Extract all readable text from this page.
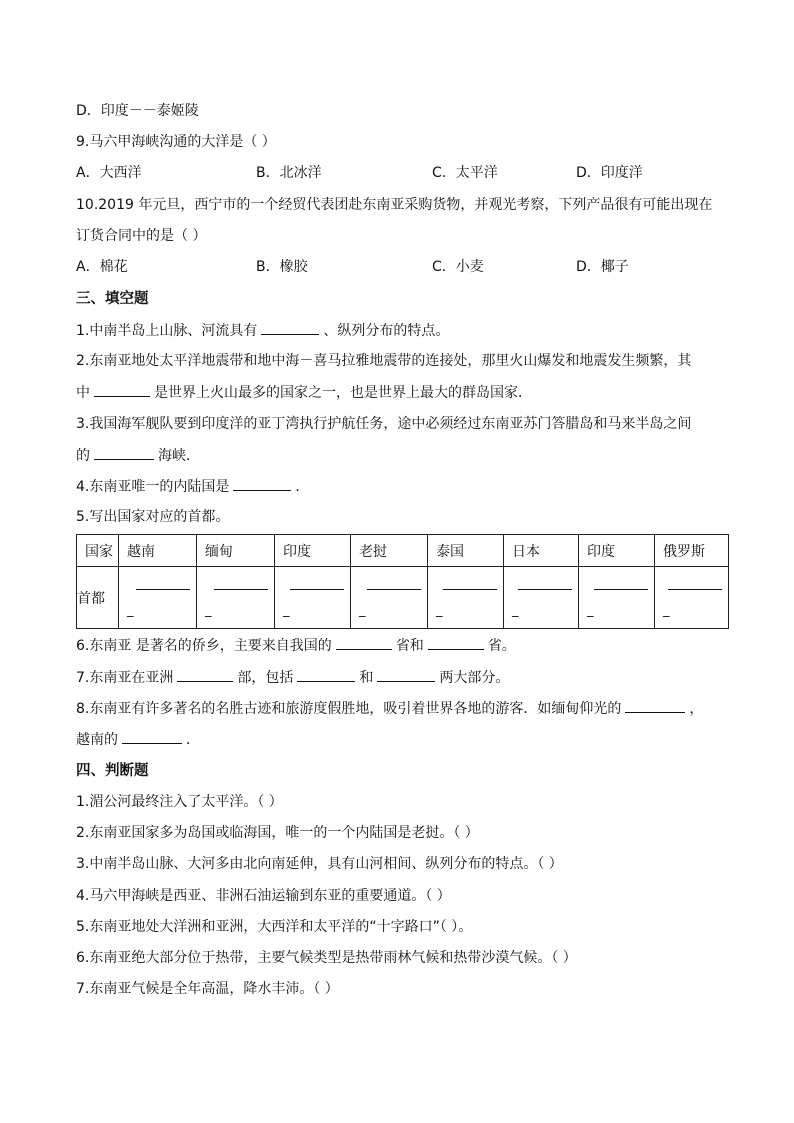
D．印度－－泰姬陵
9.马六甲海峡沟通的大洋是（ ）
A．大西洋	B．北冰洋	C．太平洋	D．印度洋
10.2019 年元旦，西宁市的一个经贸代表团赴东南亚采购货物，并观光考察，下列产品很有可能出现在
订货合同中的是（ ）
A．棉花	B．橡胶	C．小麦	D．椰子
三、填空题
1.中南半岛上山脉、河流具有	、纵列分布的特点。
2.东南亚地处太平洋地震带和地中海－喜马拉雅地震带的连接处，那里火山爆发和地震发生频繁，其
中	是世界上火山最多的国家之一，也是世界上最大的群岛国家．
3.我国海军舰队要到印度洋的亚丁湾执行护航任务，途中必须经过东南亚苏门答腊岛和马来半岛之间
的	海峡．
4.东南亚唯一的内陆国是	．
5.写出国家对应的首都。
国家	越南	缅甸	印度	老挝	泰国	日本	印度	俄罗斯
首都	_	_	_	_	_	_	_	_
6.东南亚 是著名的侨乡，主要来自我国的	省和	省。
7.东南亚在亚洲	部，包括	和	两大部分。
8.东南亚有许多著名的名胜古迹和旅游度假胜地，吸引着世界各地的游客．如缅甸仰光的	，
越南的	．
四、判断题
1.湄公河最终注入了太平洋。（ ）
2.东南亚国家多为岛国或临海国，唯一的一个内陆国是老挝。（ ）
3.中南半岛山脉、大河多由北向南延伸，具有山河相间、纵列分布的特点。（ ）
4.马六甲海峡是西亚、非洲石油运输到东亚的重要通道。（ ）
5.东南亚地处大洋洲和亚洲，大西洋和太平洋的“十字路口”（ ）。
6.东南亚绝大部分位于热带，主要气候类型是热带雨林气候和热带沙漠气候。（ ）
7.东南亚气候是全年高温，降水丰沛。（ ）
